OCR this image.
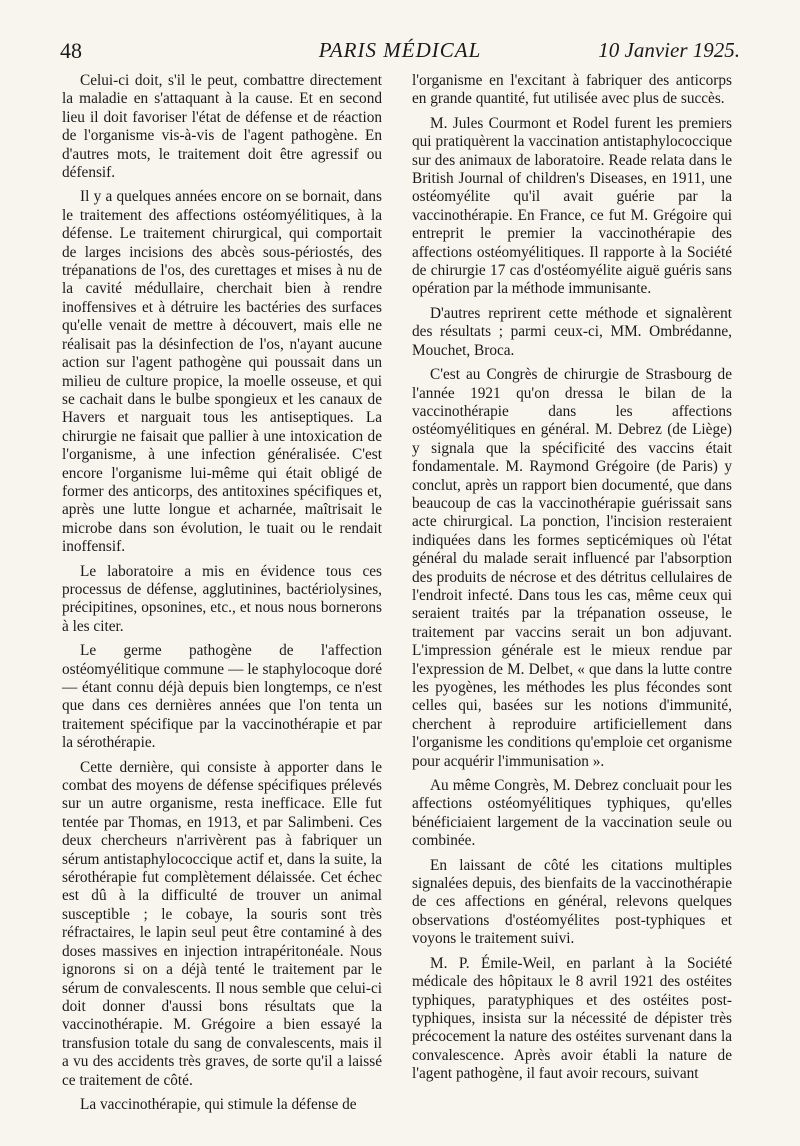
48	PARIS MÉDICAL	10 Janvier 1925.

Celui-ci doit, s'il le peut, combattre directement la maladie en s'attaquant à la cause. Et en second lieu il doit favoriser l'état de défense et de réaction de l'organisme vis-à-vis de l'agent pathogène. En d'autres mots, le traitement doit être agressif ou défensif.

Il y a quelques années encore on se bornait, dans le traitement des affections ostéomyélitiques, à la défense. Le traitement chirurgical, qui comportait de larges incisions des abcès sous-périostés, des trépanations de l'os, des curettages et mises à nu de la cavité médullaire, cherchait bien à rendre inoffensives et à détruire les bactéries des surfaces qu'elle venait de mettre à découvert, mais elle ne réalisait pas la désinfection de l'os, n'ayant aucune action sur l'agent pathogène qui poussait dans un milieu de culture propice, la moelle osseuse, et qui se cachait dans le bulbe spongieux et les canaux de Havers et narguait tous les antiseptiques. La chirurgie ne faisait que pallier à une intoxication de l'organisme, à une infection généralisée. C'est encore l'organisme lui-même qui était obligé de former des anticorps, des antitoxines spécifiques et, après une lutte longue et acharnée, maîtrisait le microbe dans son évolution, le tuait ou le rendait inoffensif.

Le laboratoire a mis en évidence tous ces processus de défense, agglutinines, bactériolysines, précipitines, opsonines, etc., et nous nous bornerons à les citer.

Le germe pathogène de l'affection ostéomyélitique commune — le staphylocoque doré — étant connu déjà depuis bien longtemps, ce n'est que dans ces dernières années que l'on tenta un traitement spécifique par la vaccinothérapie et par la sérothérapie.

Cette dernière, qui consiste à apporter dans le combat des moyens de défense spécifiques prélevés sur un autre organisme, resta inefficace. Elle fut tentée par Thomas, en 1913, et par Salimbeni. Ces deux chercheurs n'arrivèrent pas à fabriquer un sérum antistaphylococcique actif et, dans la suite, la sérothérapie fut complètement délaissée. Cet échec est dû à la difficulté de trouver un animal susceptible ; le cobaye, la souris sont très réfractaires, le lapin seul peut être contaminé à des doses massives en injection intrapéritonéale. Nous ignorons si on a déjà tenté le traitement par le sérum de convalescents. Il nous semble que celui-ci doit donner d'aussi bons résultats que la vaccinothérapie. M. Grégoire a bien essayé la transfusion totale du sang de convalescents, mais il a vu des accidents très graves, de sorte qu'il a laissé ce traitement de côté.

La vaccinothérapie, qui stimule la défense de

l'organisme en l'excitant à fabriquer des anticorps en grande quantité, fut utilisée avec plus de succès.

M. Jules Courmont et Rodel furent les premiers qui pratiquèrent la vaccination antistaphylococcique sur des animaux de laboratoire. Reade relata dans le British Journal of children's Diseases, en 1911, une ostéomyélite qu'il avait guérie par la vaccinothérapie. En France, ce fut M. Grégoire qui entreprit le premier la vaccinothérapie des affections ostéomyélitiques. Il rapporte à la Société de chirurgie 17 cas d'ostéomyélite aiguë guéris sans opération par la méthode immunisante.

D'autres reprirent cette méthode et signalèrent des résultats ; parmi ceux-ci, MM. Ombrédanne, Mouchet, Broca.

C'est au Congrès de chirurgie de Strasbourg de l'année 1921 qu'on dressa le bilan de la vaccinothérapie dans les affections ostéomyélitiques en général. M. Debrez (de Liège) y signala que la spécificité des vaccins était fondamentale. M. Raymond Grégoire (de Paris) y conclut, après un rapport bien documenté, que dans beaucoup de cas la vaccinothérapie guérissait sans acte chirurgical. La ponction, l'incision resteraient indiquées dans les formes septicémiques où l'état général du malade serait influencé par l'absorption des produits de nécrose et des détritus cellulaires de l'endroit infecté. Dans tous les cas, même ceux qui seraient traités par la trépanation osseuse, le traitement par vaccins serait un bon adjuvant. L'impression générale est le mieux rendue par l'expression de M. Delbet, « que dans la lutte contre les pyogènes, les méthodes les plus fécondes sont celles qui, basées sur les notions d'immunité, cherchent à reproduire artificiellement dans l'organisme les conditions qu'emploie cet organisme pour acquérir l'immunisation ».

Au même Congrès, M. Debrez concluait pour les affections ostéomyélitiques typhiques, qu'elles bénéficiaient largement de la vaccination seule ou combinée.

En laissant de côté les citations multiples signalées depuis, des bienfaits de la vaccinothérapie de ces affections en général, relevons quelques observations d'ostéomyélites post-typhiques et voyons le traitement suivi.

M. P. Émile-Weil, en parlant à la Société médicale des hôpitaux le 8 avril 1921 des ostéites typhiques, paratyphiques et des ostéites post-typhiques, insista sur la nécessité de dépister très précocement la nature des ostéites survenant dans la convalescence. Après avoir établi la nature de l'agent pathogène, il faut avoir recours, suivant
